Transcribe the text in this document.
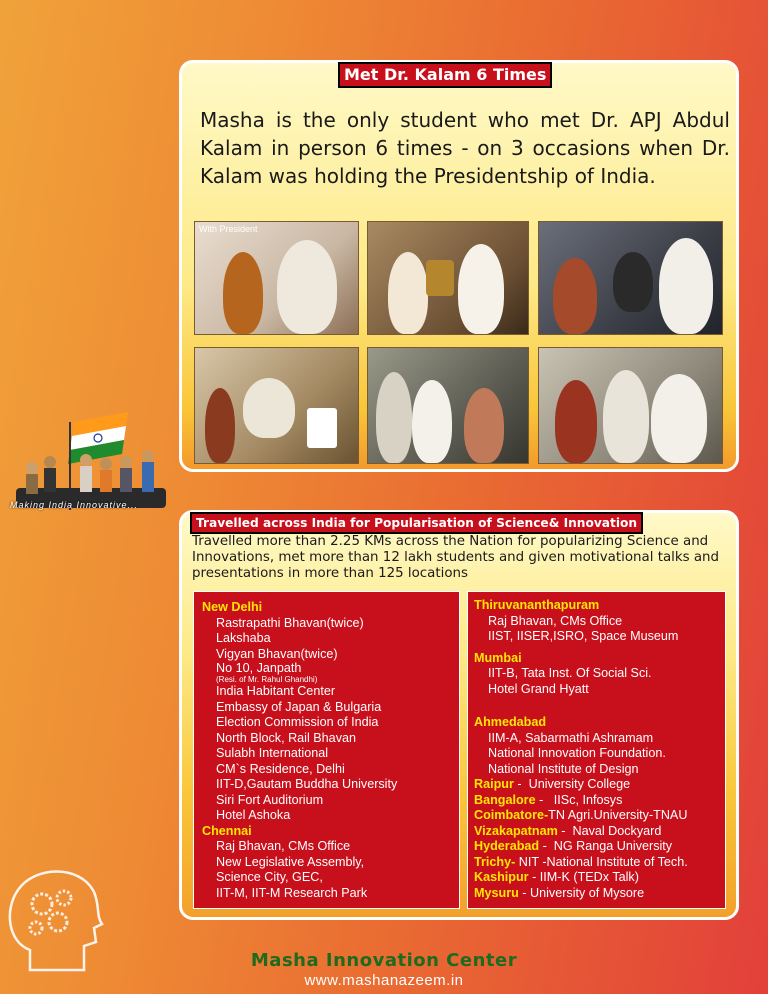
Met Dr. Kalam 6 Times
Masha is the only student who met Dr. APJ Abdul Kalam in person 6 times - on 3 occasions when Dr. Kalam was holding the Presidentship of India.
With President
Making India Innovative...
Travelled across India for Popularisation of Science& Innovation
Travelled more than 2.25 KMs across the Nation for popularizing Science and Innovations, met more than 12 lakh students and given motivational talks and presentations in more than 125 locations
New Delhi
Rastrapathi Bhavan(twice)
Lakshaba
Vigyan Bhavan(twice)
No 10, Janpath
(Resi. of Mr. Rahul Ghandhi)
India Habitant Center
Embassy of Japan & Bulgaria
Election Commission of India
North Block, Rail Bhavan
Sulabh International
CM`s Residence, Delhi
IIT-D,Gautam Buddha University
Siri Fort Auditorium
Hotel Ashoka
Chennai
Raj Bhavan, CMs Office
New Legislative Assembly,
Science City, GEC,
IIT-M, IIT-M Research Park
Thiruvananthapuram
Raj Bhavan, CMs Office
IIST, IISER,ISRO, Space Museum
Mumbai
IIT-B, Tata Inst. Of Social Sci.
Hotel Grand Hyatt
Ahmedabad
IIM-A, Sabarmathi Ashramam
National Innovation Foundation.
National Institute of Design
Raipur -  University College
Bangalore -   IISc, Infosys
Coimbatore-TN Agri.University-TNAU
Vizakapatnam -  Naval Dockyard
Hyderabad -  NG Ranga University
Trichy- NIT -National Institute of Tech.
Kashipur - IIM-K (TEDx Talk)
Mysuru - University of Mysore
Masha Innovation Center
www.mashanazeem.in
